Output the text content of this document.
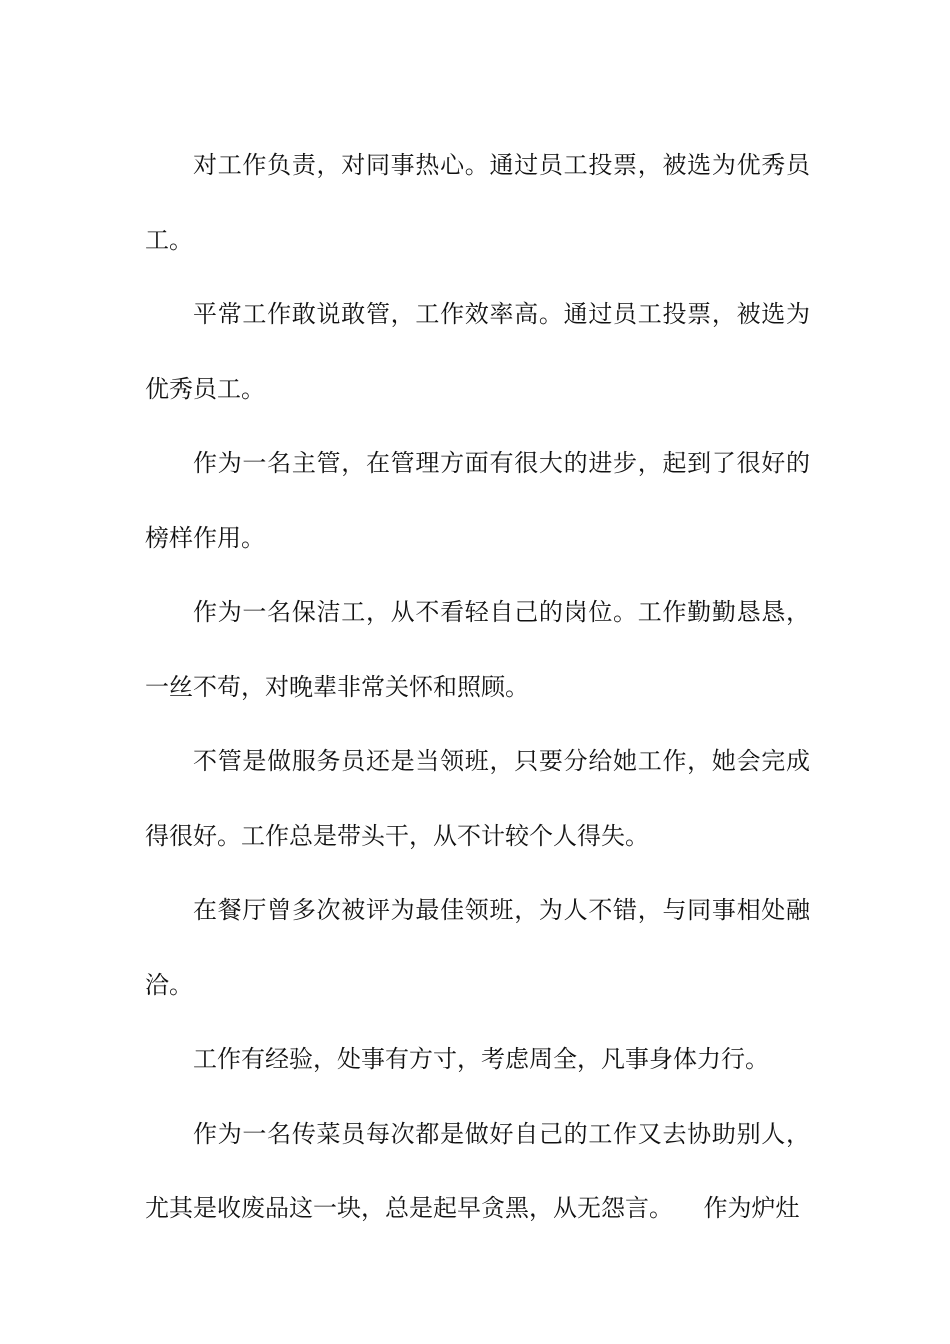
对工作负责，对同事热心。通过员工投票，被选为优秀员工。

平常工作敢说敢管，工作效率高。通过员工投票，被选为优秀员工。

作为一名主管，在管理方面有很大的进步，起到了很好的榜样作用。

作为一名保洁工，从不看轻自己的岗位。工作勤勤恳恳，一丝不苟，对晚辈非常关怀和照顾。

不管是做服务员还是当领班，只要分给她工作，她会完成得很好。工作总是带头干，从不计较个人得失。

在餐厅曾多次被评为最佳领班，为人不错，与同事相处融洽。

工作有经验，处事有方寸，考虑周全，凡事身体力行。

作为一名传菜员每次都是做好自己的工作又去协助别人，尤其是收废品这一块，总是起早贪黑，从无怨言。    作为炉灶
